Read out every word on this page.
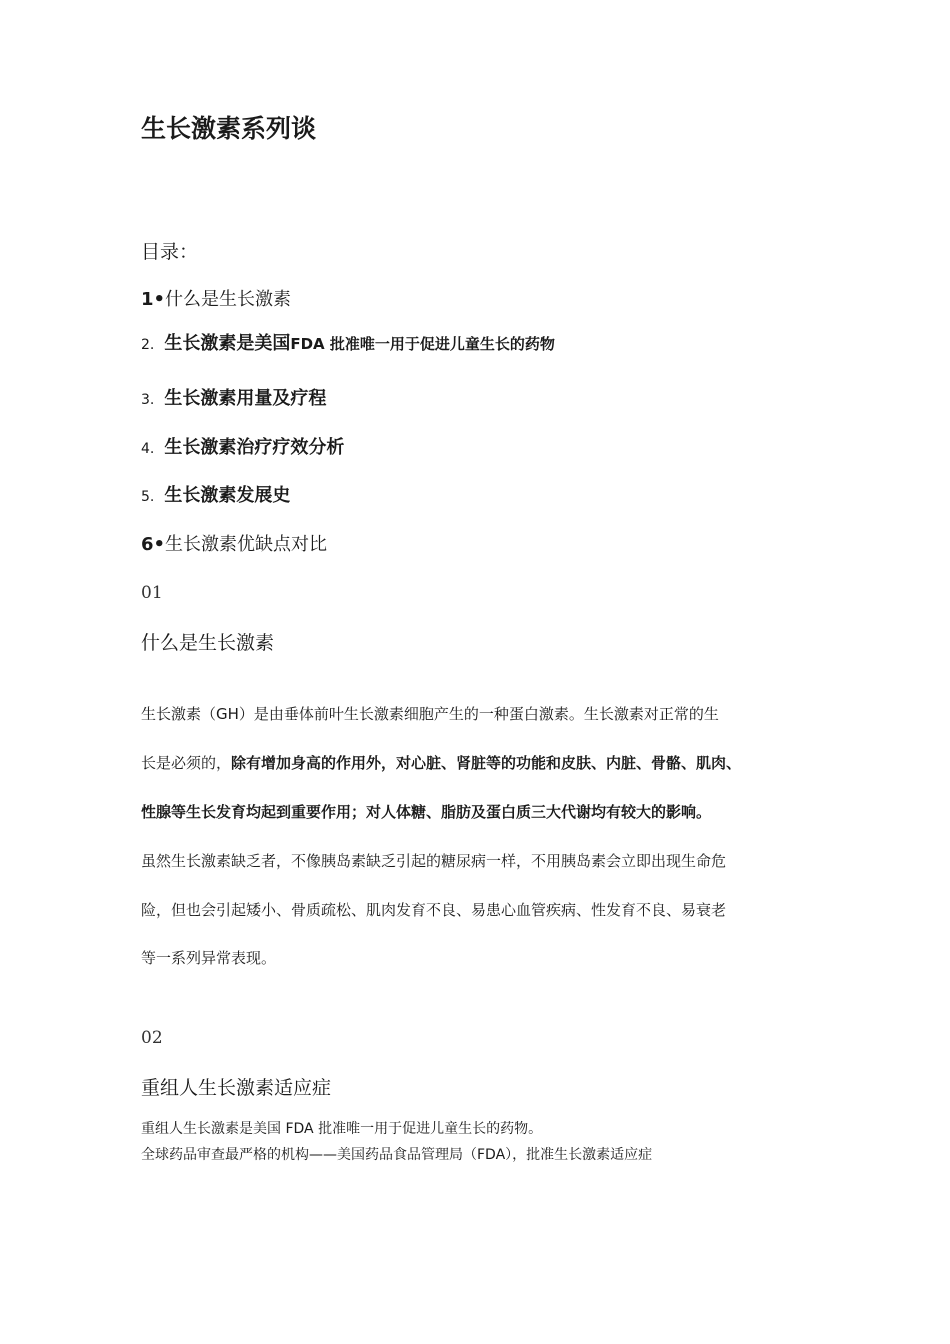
生长激素系列谈
目录：
1•什么是生长激素
2. 生长激素是美国FDA 批准唯一用于促进儿童生长的药物
3. 生长激素用量及疗程
4. 生长激素治疗疗效分析
5. 生长激素发展史
6•生长激素优缺点对比
01
什么是生长激素
生长激素（GH）是由垂体前叶生长激素细胞产生的一种蛋白激素。生长激素对正常的生
长是必须的，除有增加身高的作用外，对心脏、肾脏等的功能和皮肤、内脏、骨骼、肌肉、
性腺等生长发育均起到重要作用；对人体糖、脂肪及蛋白质三大代谢均有较大的影响。
虽然生长激素缺乏者，不像胰岛素缺乏引起的糖尿病一样，不用胰岛素会立即出现生命危
险，但也会引起矮小、骨质疏松、肌肉发育不良、易患心血管疾病、性发育不良、易衰老
等一系列异常表现。
02
重组人生长激素适应症
重组人生长激素是美国 FDA 批准唯一用于促进儿童生长的药物。
全球药品审查最严格的机构——美国药品食品管理局（FDA），批准生长激素适应症
